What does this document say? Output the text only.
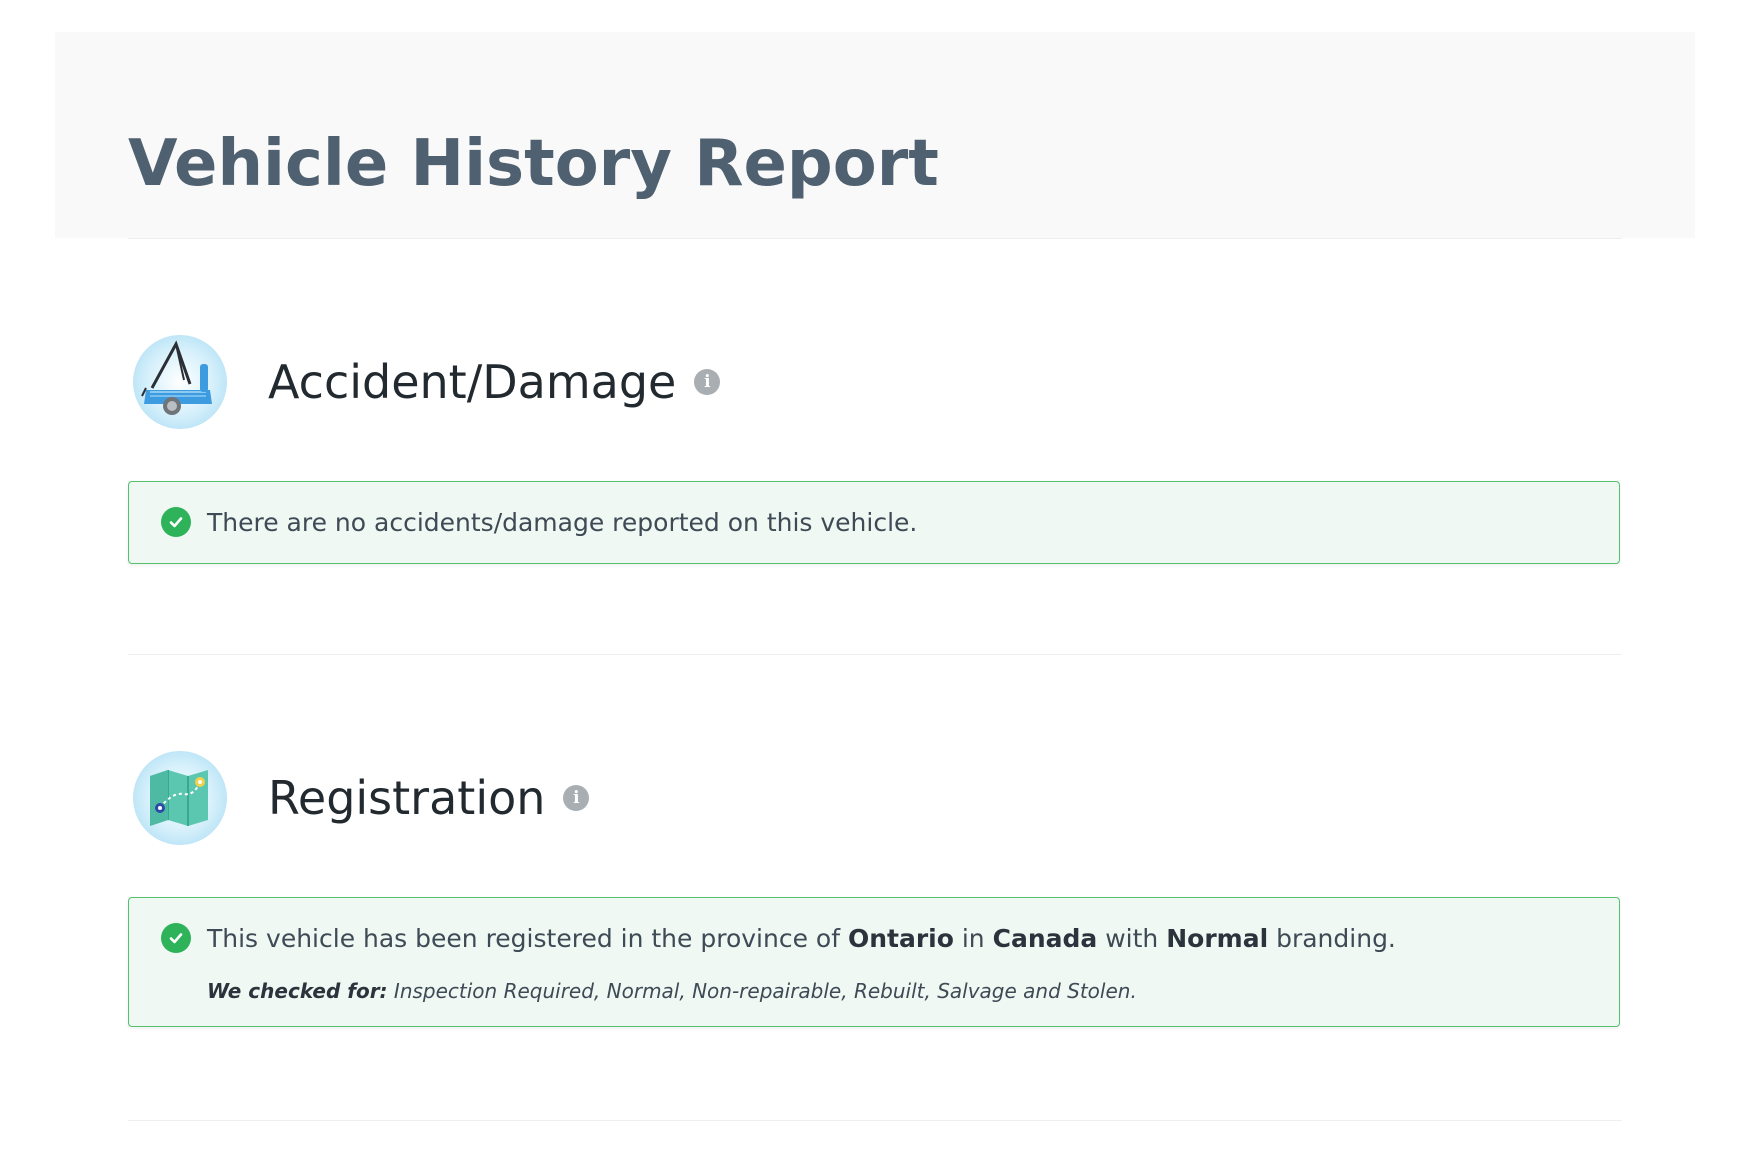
Vehicle History Report
Accident/Damage	i
There are no accidents/damage reported on this vehicle.
Registration	i
This vehicle has been registered in the province of Ontario in Canada with Normal branding.
We checked for: Inspection Required, Normal, Non-repairable, Rebuilt, Salvage and Stolen.
